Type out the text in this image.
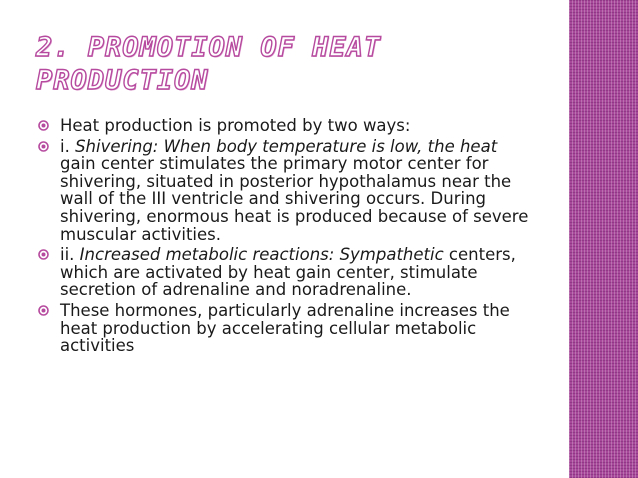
2. PROMOTION OF HEAT
PRODUCTION
Heat production is promoted by two ways:
i. Shivering: When body temperature is low, the heat gain center stimulates the primary motor center for shivering, situated in posterior hypothalamus near the wall of the III ventricle and shivering occurs. During shivering, enormous heat is produced because of severe muscular activities.
ii. Increased metabolic reactions: Sympathetic centers, which are activated by heat gain center, stimulate secretion of adrenaline and noradrenaline.
These hormones, particularly adrenaline increases the heat production by accelerating cellular metabolic activities
